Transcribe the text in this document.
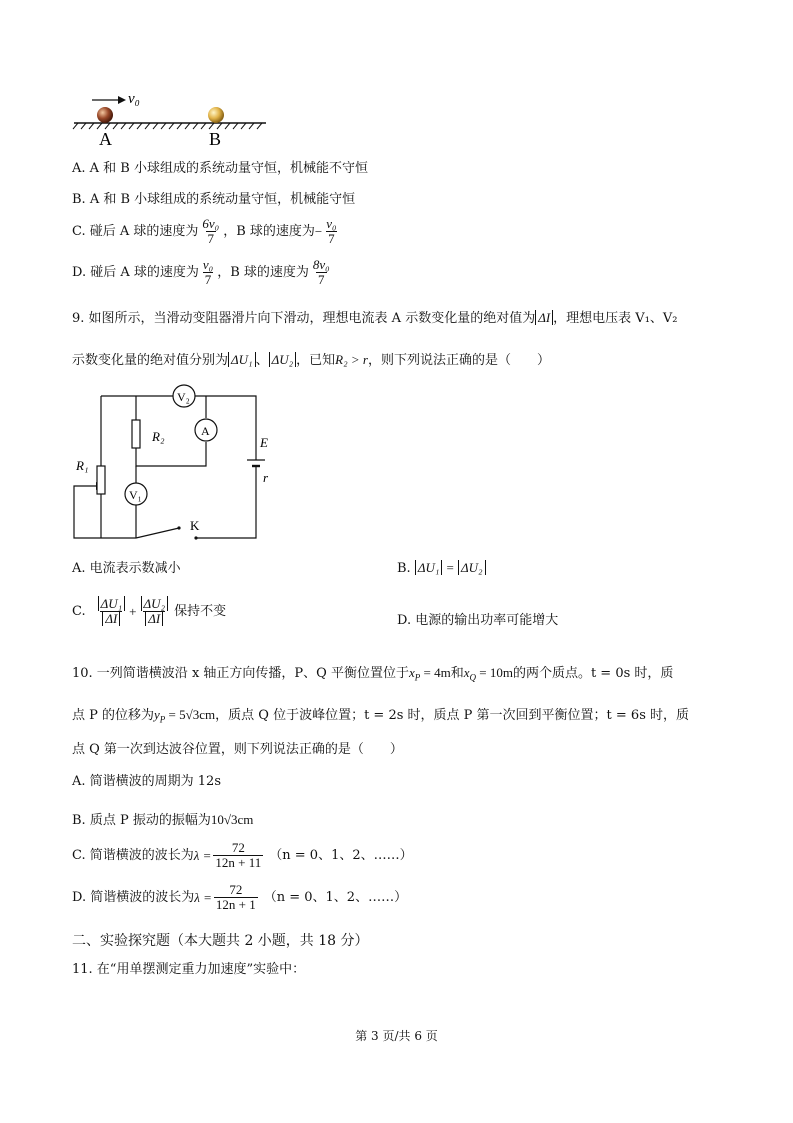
v₀
A	B
A. A 和 B 小球组成的系统动量守恒，机械能不守恒
B. A 和 B 小球组成的系统动量守恒，机械能守恒
C. 碰后 A 球的速度为 $\frac{\text{6v₀}}{7}$ ，B 球的速度为 − $\frac{\text{v₀}}{7}$
D. 碰后 A 球的速度为 $\frac{\text{v₀}}{7}$ ，B 球的速度为 $\frac{\text{8v₀}}{7}$
9. 如图所示，当滑动变阻器滑片向下滑动，理想电流表 A 示数变化量的绝对值为 ΔI ，理想电压表 V₁、V₂
示数变化量的绝对值分别为 ΔU₁ 、 ΔU₂ ，已知R₂ > r，则下列说法正确的是（　　）
V₂
A
V₁
R₂
R₁
E
r
K
A. 电流表示数减小	B. ΔU₁ = ΔU₂
C. $\frac{\text{ΔU₁}}{\Delta I} + \frac{\text{ΔU₂}}{\Delta I}$ 保持不变
D. 电源的输出功率可能增大
10. 一列简谐横波沿 x 轴正方向传播，P、Q 平衡位置位于$x_P = 4m$和$x_Q = 10m$的两个质点。t = 0s 时，质
点 P 的位移为$y_P = 5√3cm$，质点 Q 位于波峰位置；t = 2s 时，质点 P 第一次回到平衡位置；t = 6s 时，质
点 Q 第一次到达波谷位置，则下列说法正确的是（　　）
A. 简谐横波的周期为 12s
B. 质点 P 振动的振幅为10√3cm
C. 简谐横波的波长为 $\lambda = \frac{72}{12n + 11} (n = 0$、1、2、……）
D. 简谐横波的波长为 $\lambda = \frac{72}{12n + 1} (n = 0$、1、2、……）
二、实验探究题（本大题共 2 小题，共 18 分）
11. 在“用单摆测定重力加速度”实验中：
第 3 页/共 6 页
